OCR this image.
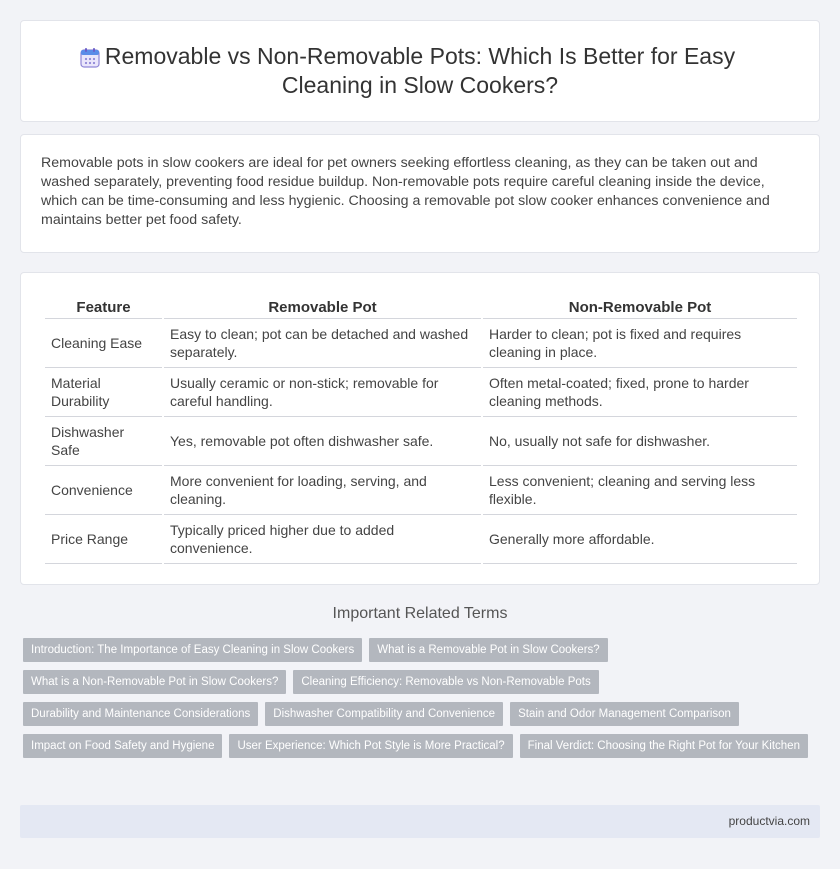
Removable vs Non-Removable Pots: Which Is Better for Easy Cleaning in Slow Cookers?

Removable pots in slow cookers are ideal for pet owners seeking effortless cleaning, as they can be taken out and washed separately, preventing food residue buildup. Non-removable pots require careful cleaning inside the device, which can be time-consuming and less hygienic. Choosing a removable pot slow cooker enhances convenience and maintains better pet food safety.

Feature	Removable Pot	Non-Removable Pot
Cleaning Ease	Easy to clean; pot can be detached and washed separately.	Harder to clean; pot is fixed and requires cleaning in place.
Material Durability	Usually ceramic or non-stick; removable for careful handling.	Often metal-coated; fixed, prone to harder cleaning methods.
Dishwasher Safe	Yes, removable pot often dishwasher safe.	No, usually not safe for dishwasher.
Convenience	More convenient for loading, serving, and cleaning.	Less convenient; cleaning and serving less flexible.
Price Range	Typically priced higher due to added convenience.	Generally more affordable.
Important Related Terms
Introduction: The Importance of Easy Cleaning in Slow Cookers	What is a Removable Pot in Slow Cookers?
What is a Non-Removable Pot in Slow Cookers?	Cleaning Efficiency: Removable vs Non-Removable Pots
Durability and Maintenance Considerations	Dishwasher Compatibility and Convenience	Stain and Odor Management Comparison
Impact on Food Safety and Hygiene	User Experience: Which Pot Style is More Practical?	Final Verdict: Choosing the Right Pot for Your Kitchen
productvia.com
